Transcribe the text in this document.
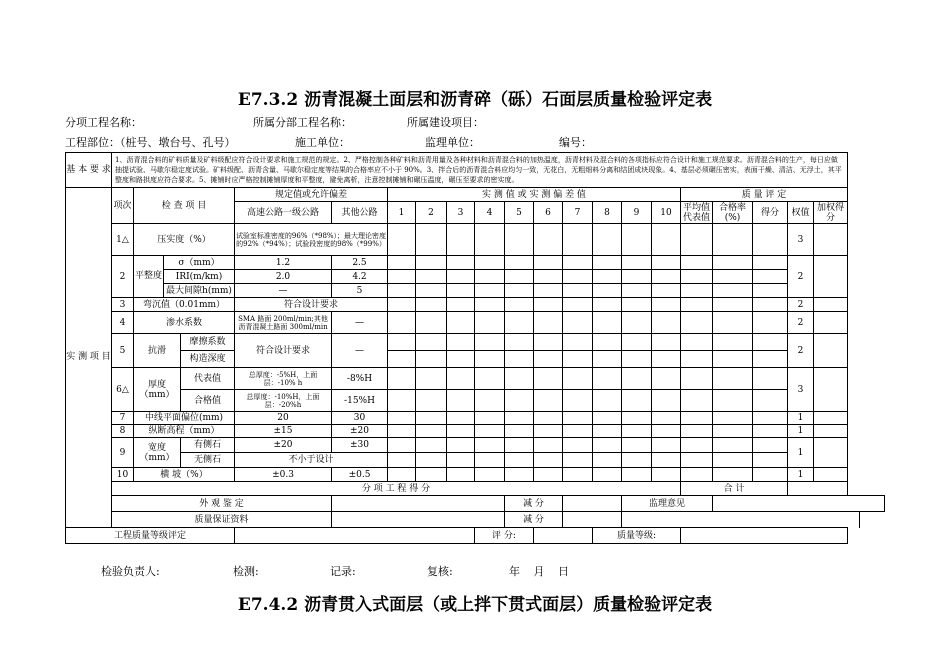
E7.3.2 沥青混凝土面层和沥青碎（砾）石面层质量检验评定表
分项工程名称：	所属分部工程名称：	所属建设项目：
工程部位：（桩号、墩台号、孔号）	施工单位：	监理单位：	编号：
基 本 要 求	1、沥青混合料的矿料质量及矿料级配应符合设计要求和施工规范的规定。2、严格控制各种矿料和沥青用量及各种材料和沥青混合料的加热温度，沥青材料及混合料的各项指标应符合设计和施工规范要求。沥青混合料的生产，每日应做抽提试验、马歇尔稳定度试验。矿料级配、沥青含量、马歇尔稳定度等结果的合格率应不小于 90%。3、拌合后的沥青混合料应均匀一致，无花白，无粗细料分离和结团成块现象。4、基层必须碾压密实，表面干燥、清洁、无浮土，其平整度和路拱度应符合要求。5、摊铺时应严格控制摊铺厚度和平整度，避免离析，注意控制摊铺和碾压温度，碾压至要求的密实度。																				
实 测 项 目	项次	检 查 项 目			规定值或允许偏差		实 测 值 或 实 测 偏 差 值										质 量 评 定				
					高速公路一级公路	其他公路	1	2	3	4	5	6	7	8	9	10	平均值代表值	合格率(%)	得分	权值	加权得分
	1△	压实度（%）			试验室标准密度的96%（*98%）；最大理论密度的92%（*94%）；试验段密度的98%（*99%）															3	
	2	平整度	σ（mm）		1.2	2.5														2	
			IRI(m/km)		2.0	4.2															
			最大间隙h(mm)		—	5															
	3	弯沉值（0.01mm）			符合设计要求															2	
	4	渗水系数			SMA 路面 200ml/min;其他沥青混凝土路面 300ml/min	—														2	
	5	抗滑		摩擦系数	符合设计要求	—														2	
				构造深度																	
	6△	厚度（mm）		代表值	总厚度：-5%H，上面层：-10% h	-8%H														3	
				合格值	总厚度：-10%H，上面层：-20%h	-15%H															
	7	中线平面偏位(mm)			20	30														1	
	8	纵断高程（mm）			±15	±20														1	
	9	宽度（mm）		有侧石	±20	±30														1	
				无侧石	不小于设计																
	10	横 坡（%）			±0.3	±0.5														1	
	分 项 工 程 得 分																合 计				
	外 观 鉴 定										减 分				监理意见						
	质量保证资料										减 分										
工程质量等级评定										评 分:				质量等级:							
检验负责人:	检测:	记录:	复核:	年 月 日
E7.4.2 沥青贯入式面层（或上拌下贯式面层）质量检验评定表
